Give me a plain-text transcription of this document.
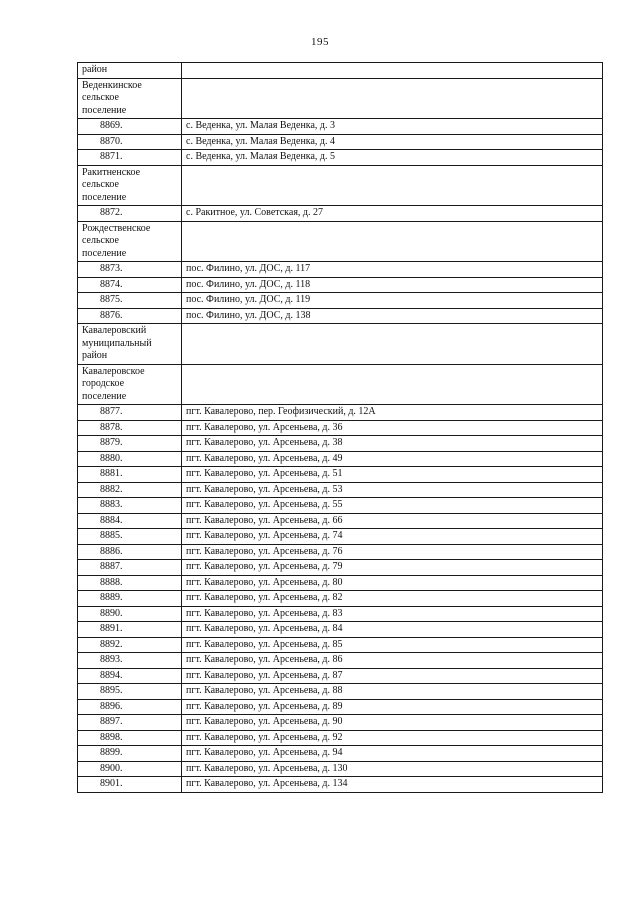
195
район	

Веденкинское
сельское
поселение	

8869.	с. Веденка, ул. Малая Веденка, д. 3
8870.	с. Веденка, ул. Малая Веденка, д. 4
8871.	с. Веденка, ул. Малая Веденка, д. 5

Ракитненское
сельское
поселение	

8872.	с. Ракитное, ул. Советская, д. 27

Рождественское
сельское
поселение	

8873.	пос. Филино, ул. ДОС, д. 117
8874.	пос. Филино, ул. ДОС, д. 118
8875.	пос. Филино, ул. ДОС, д. 119
8876.	пос. Филино, ул. ДОС, д. 138

Кавалеровский
муниципальный
район	

Кавалеровское
городское
поселение	

8877.	пгт. Кавалерово, пер. Геофизический, д. 12А
8878.	пгт. Кавалерово, ул. Арсеньева, д. 36
8879.	пгт. Кавалерово, ул. Арсеньева, д. 38
8880.	пгт. Кавалерово, ул. Арсеньева, д. 49
8881.	пгт. Кавалерово, ул. Арсеньева, д. 51
8882.	пгт. Кавалерово, ул. Арсеньева, д. 53
8883.	пгт. Кавалерово, ул. Арсеньева, д. 55
8884.	пгт. Кавалерово, ул. Арсеньева, д. 66
8885.	пгт. Кавалерово, ул. Арсеньева, д. 74
8886.	пгт. Кавалерово, ул. Арсеньева, д. 76
8887.	пгт. Кавалерово, ул. Арсеньева, д. 79
8888.	пгт. Кавалерово, ул. Арсеньева, д. 80
8889.	пгт. Кавалерово, ул. Арсеньева, д. 82
8890.	пгт. Кавалерово, ул. Арсеньева, д. 83
8891.	пгт. Кавалерово, ул. Арсеньева, д. 84
8892.	пгт. Кавалерово, ул. Арсеньева, д. 85
8893.	пгт. Кавалерово, ул. Арсеньева, д. 86
8894.	пгт. Кавалерово, ул. Арсеньева, д. 87
8895.	пгт. Кавалерово, ул. Арсеньева, д. 88
8896.	пгт. Кавалерово, ул. Арсеньева, д. 89
8897.	пгт. Кавалерово, ул. Арсеньева, д. 90
8898.	пгт. Кавалерово, ул. Арсеньева, д. 92
8899.	пгт. Кавалерово, ул. Арсеньева, д. 94
8900.	пгт. Кавалерово, ул. Арсеньева, д. 130
8901.	пгт. Кавалерово, ул. Арсеньева, д. 134
